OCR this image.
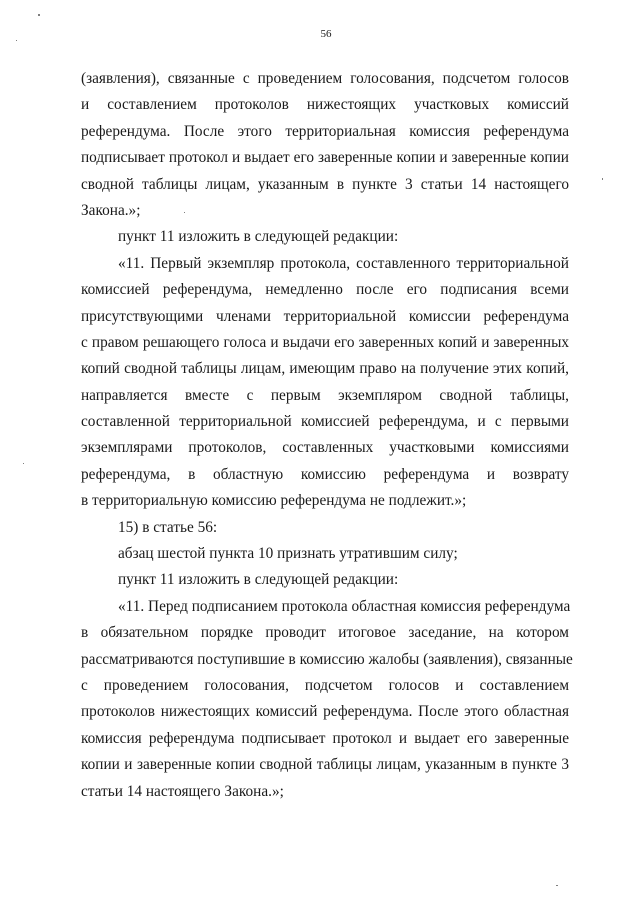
56
(заявления), связанные с проведением голосования, подсчетом голосов
и составлением протоколов нижестоящих участковых комиссий
референдума. После этого территориальная комиссия референдума
подписывает протокол и выдает его заверенные копии и заверенные копии
сводной таблицы лицам, указанным в пункте 3 статьи 14 настоящего
Закона.»;
пункт 11 изложить в следующей редакции:
«11. Первый экземпляр протокола, составленного территориальной
комиссией референдума, немедленно после его подписания всеми
присутствующими членами территориальной комиссии референдума
с правом решающего голоса и выдачи его заверенных копий и заверенных
копий сводной таблицы лицам, имеющим право на получение этих копий,
направляется вместе с первым экземпляром сводной таблицы,
составленной территориальной комиссией референдума, и с первыми
экземплярами протоколов, составленных участковыми комиссиями
референдума, в областную комиссию референдума и возврату
в территориальную комиссию референдума не подлежит.»;
15) в статье 56:
абзац шестой пункта 10 признать утратившим силу;
пункт 11 изложить в следующей редакции:
«11. Перед подписанием протокола областная комиссия референдума
в обязательном порядке проводит итоговое заседание, на котором
рассматриваются поступившие в комиссию жалобы (заявления), связанные
с проведением голосования, подсчетом голосов и составлением
протоколов нижестоящих комиссий референдума. После этого областная
комиссия референдума подписывает протокол и выдает его заверенные
копии и заверенные копии сводной таблицы лицам, указанным в пункте 3
статьи 14 настоящего Закона.»;
